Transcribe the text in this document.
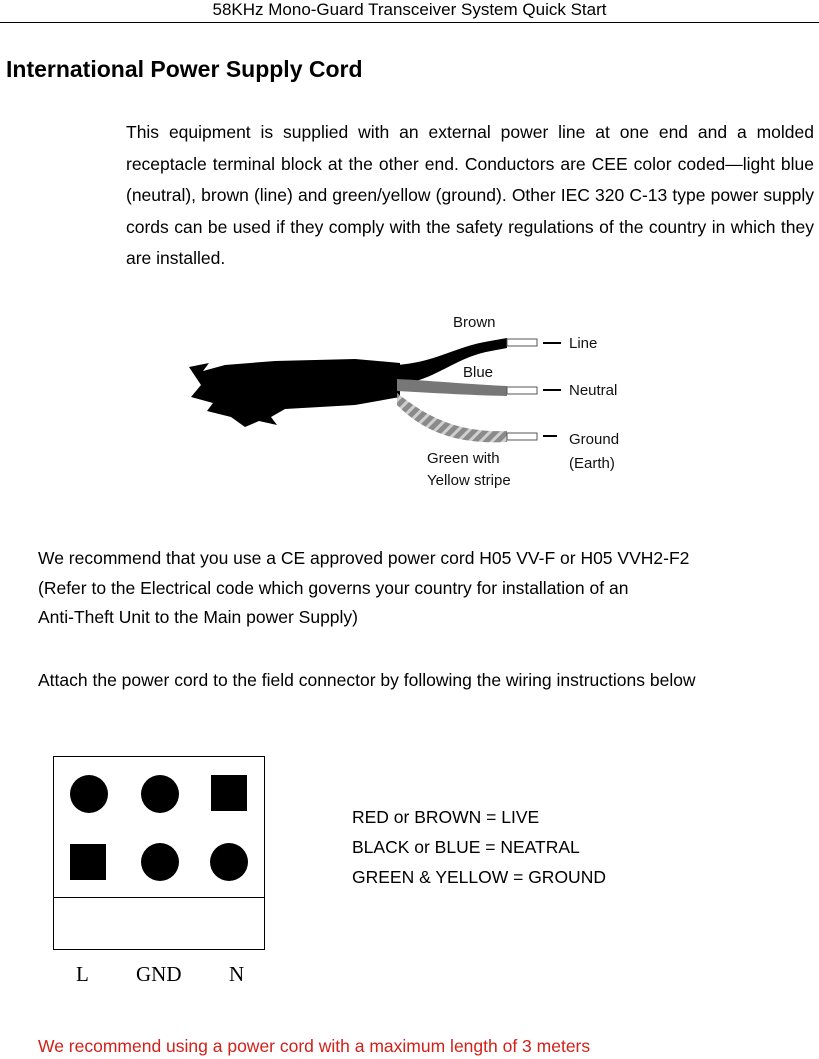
58KHz Mono-Guard Transceiver System Quick Start
International Power Supply Cord

This equipment is supplied with an external power line at one end and a molded receptacle terminal block at the other end. Conductors are CEE color coded—light blue (neutral), brown (line) and green/yellow (ground). Other IEC 320 C-13 type power supply cords can be used if they comply with the safety regulations of the country in which they are installed.

Brown
Blue
Line
Neutral
Ground
(Earth)
Green with
Yellow stripe

We recommend that you use a CE approved power cord H05 VV-F or H05 VVH2-F2
(Refer to the Electrical code which governs your country for installation of an
Anti-Theft Unit to the Main power Supply)

Attach the power cord to the field connector by following the wiring instructions below

L GND N
RED or BROWN = LIVE
BLACK or BLUE = NEATRAL
GREEN & YELLOW = GROUND

We recommend using a power cord with a maximum length of 3 meters
